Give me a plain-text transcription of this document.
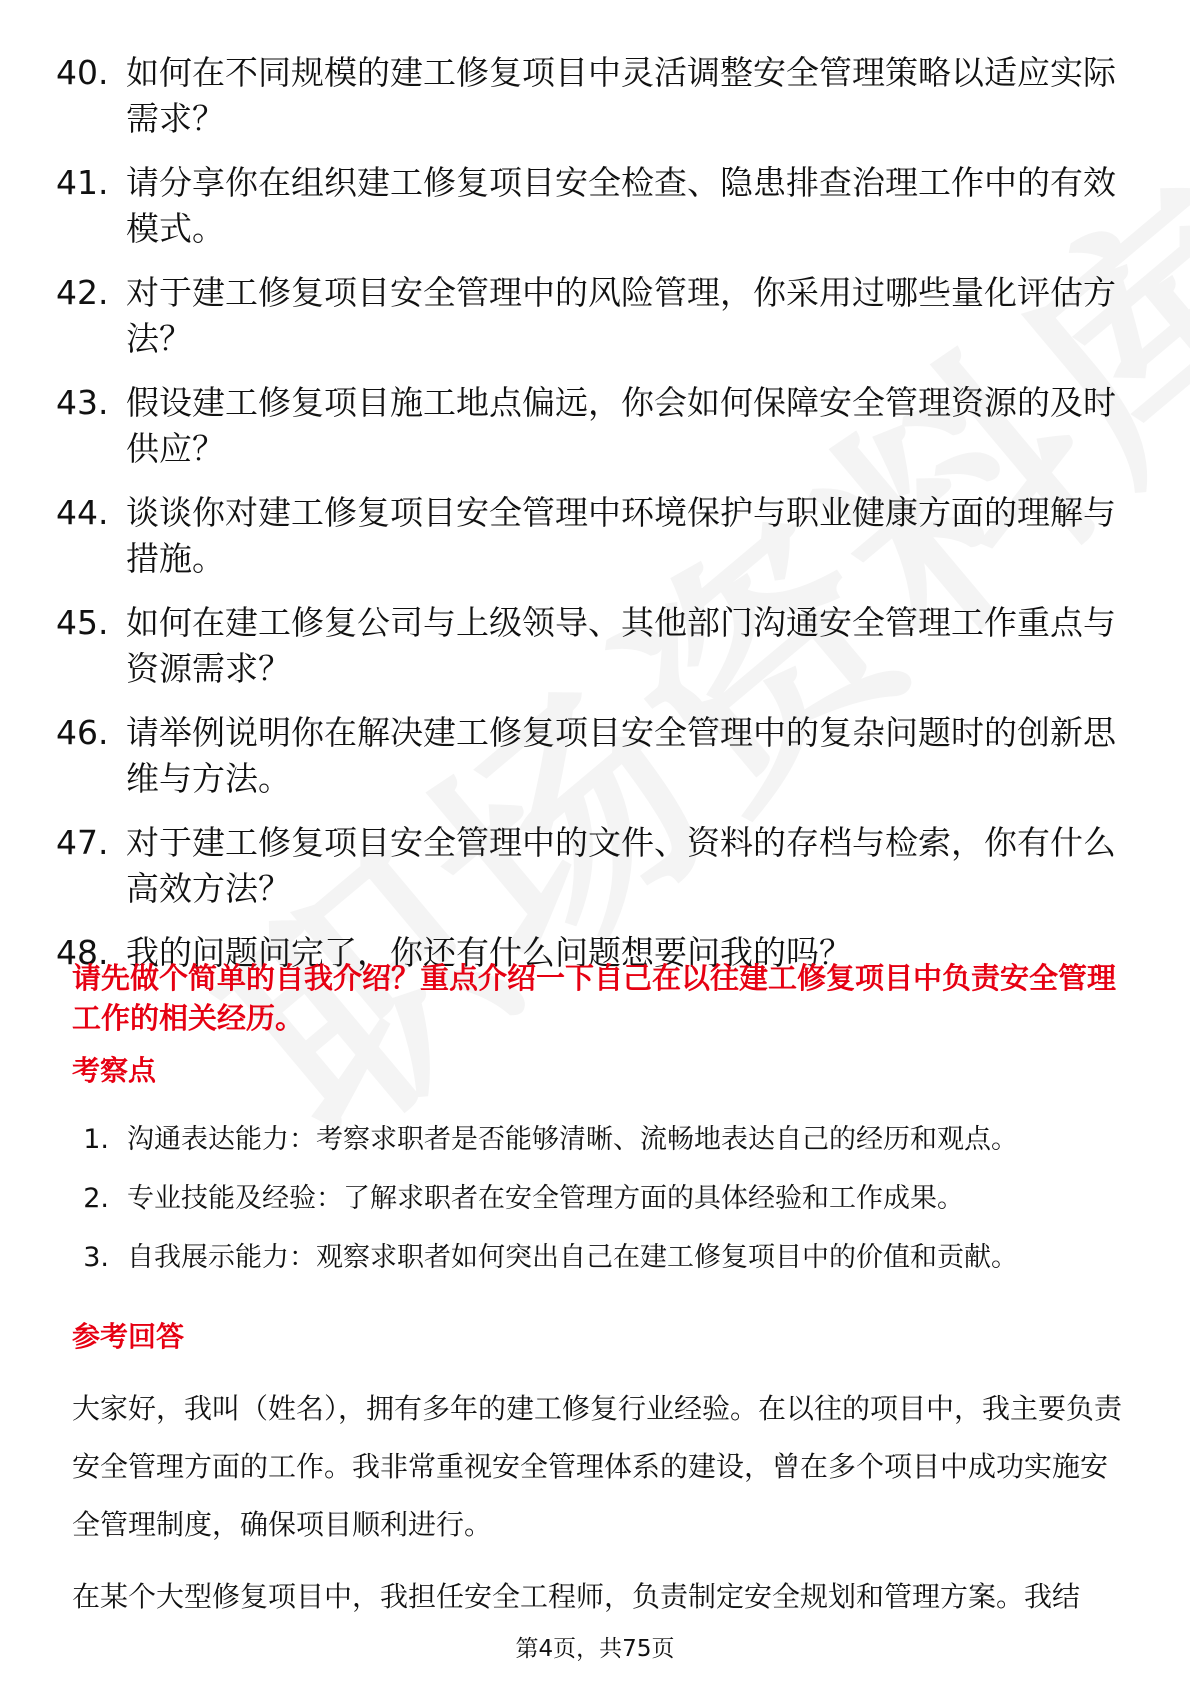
40. 如何在不同规模的建工修复项目中灵活调整安全管理策略以适应实际需求？
41. 请分享你在组织建工修复项目安全检查、隐患排查治理工作中的有效模式。
42. 对于建工修复项目安全管理中的风险管理，你采用过哪些量化评估方法？
43. 假设建工修复项目施工地点偏远，你会如何保障安全管理资源的及时供应？
44. 谈谈你对建工修复项目安全管理中环境保护与职业健康方面的理解与措施。
45. 如何在建工修复公司与上级领导、其他部门沟通安全管理工作重点与资源需求？
46. 请举例说明你在解决建工修复项目安全管理中的复杂问题时的创新思维与方法。
47. 对于建工修复项目安全管理中的文件、资料的存档与检索，你有什么高效方法？
48. 我的问题问完了，你还有什么问题想要问我的吗？
请先做个简单的自我介绍？重点介绍一下自己在以往建工修复项目中负责安全管理工作的相关经历。
考察点
1. 沟通表达能力：考察求职者是否能够清晰、流畅地表达自己的经历和观点。
2. 专业技能及经验：了解求职者在安全管理方面的具体经验和工作成果。
3. 自我展示能力：观察求职者如何突出自己在建工修复项目中的价值和贡献。
参考回答

大家好，我叫（姓名），拥有多年的建工修复行业经验。在以往的项目中，我主要负责安全管理方面的工作。我非常重视安全管理体系的建设，曾在多个项目中成功实施安全管理制度，确保项目顺利进行。

在某个大型修复项目中，我担任安全工程师，负责制定安全规划和管理方案。我结

第4页，共75页
